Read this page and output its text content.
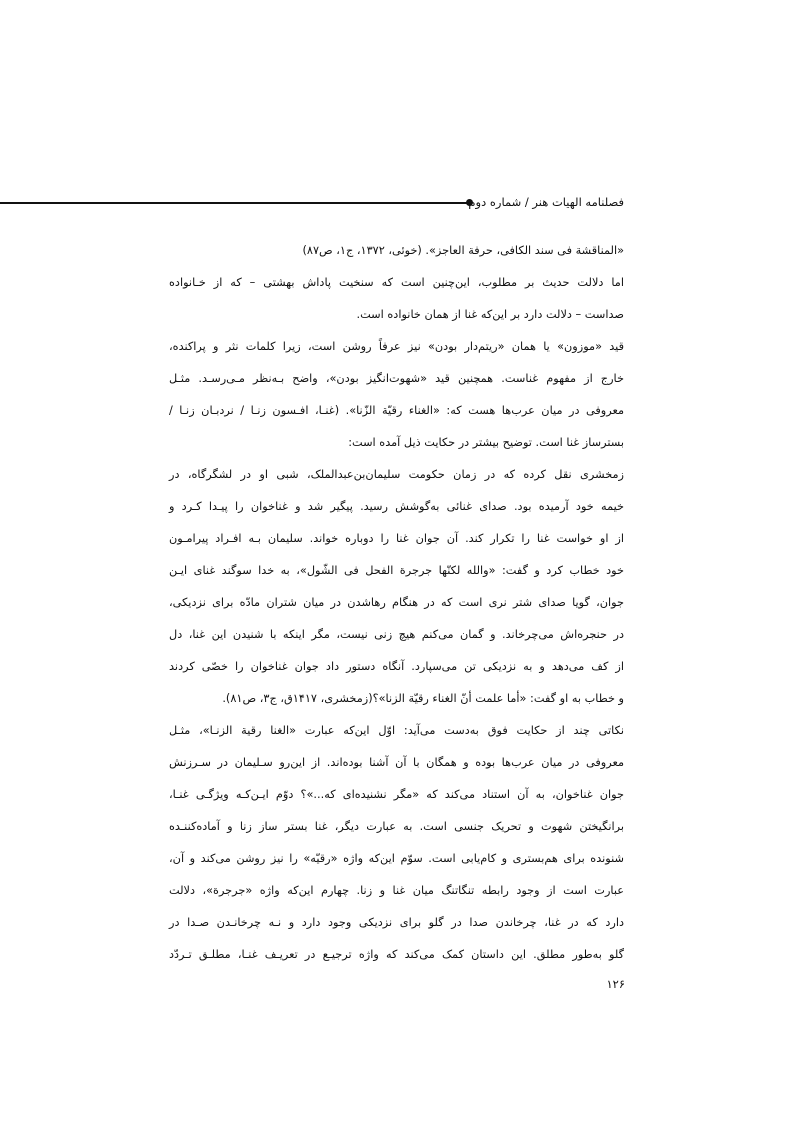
فصلنامه الهیات هنر / شماره دوم
«المناقشة فی سند الکافی، حرفة العاجز». (خوئی، ۱۳۷۲، ج۱، ص۸۷)
اما دلالت حدیث بر مطلوب، این‌چنین است که سنخیت پاداش بهشتی – که از خـانواده
صداست – دلالت دارد بر این‌که غنا از همان خانواده است.
قید «موزون» یا همان «ریتم‌دار بودن» نیز عرفاً روشن است، زیرا کلمات نثر و پراکنده،
خارج از مفهوم غناست. همچنین قید «شهوت‌انگیز بودن»، واضح بـه‌نظر مـی‌رسـد. مثـل
معروفی در میان عرب‌ها هست که: «الغناء رقیّة الزّنا». (غنـا، افـسون زنـا / نردبـان زنـا /
بسترساز غنا است. توضیح بیشتر در حکایت ذیل آمده است:
زمخشری نقل کرده که در زمان حکومت سلیمان‌بن‌عبدالملک، شبی او در لشگرگاه، در
خیمه خود آرمیده بود. صدای غنائی به‌گوشش رسید. پیگیر شد و غناخوان را پیـدا کـرد و
از او خواست غنا را تکرار کند. آن جوان غنا را دوباره خواند. سلیمان بـه افـراد پیرامـون
خود خطاب کرد و گفت: «والله لکنّها جرجرة الفحل فی الشّول»، به خدا سوگند غنای ایـن
جوان، گویا صدای شتر نری است که در هنگام رهاشدن در میان شتران مادّه برای نزدیکی،
در حنجره‌اش می‌چرخاند. و گمان می‌کنم هیچ زنی نیست، مگر اینکه با شنیدن این غنا، دل
از کف می‌دهد و به نزدیکی تن می‌سپارد. آنگاه دستور داد جوان غناخوان را خصّی کردند
و خطاب به او گفت: «أما علمت أنّ الغناء رقیّة الزنا»؟(زمخشری، ۱۴۱۷ق، ج۳، ص۸۱).
نکاتی چند از حکایت فوق به‌دست می‌آید: اوّل این‌که عبارت «الغنا رقیة الزنـا»، مثـل
معروفی در میان عرب‌ها بوده و همگان با آن آشنا بوده‌اند. از این‌رو سـلیمان در سـرزنش
جوان غناخوان، به آن استناد می‌کند که «مگر نشنیده‌ای که...»؟ دوّم ایـن‌کـه ویژگـی غنـا،
برانگیختن شهوت و تحریک جنسی است. به عبارت دیگر، غنا بستر ساز زنا و آماده‌کننـده
شنونده برای هم‌بستری و کام‌یابی است. سوّم این‌که واژه «رقیّه» را نیز روشن می‌کند و آن،
عبارت است از وجود رابطه تنگاتنگ میان غنا و زنا. چهارم این‌که واژه «جرجرة»، دلالت
دارد که در غنا، چرخاندن صدا در گلو برای نزدیکی وجود دارد و نـه چرخانـدن صـدا در
گلو به‌طور مطلق. این داستان کمک می‌کند که واژه ترجیـع در تعریـف غنـا، مطلـق تـردّد
۱۲۶
